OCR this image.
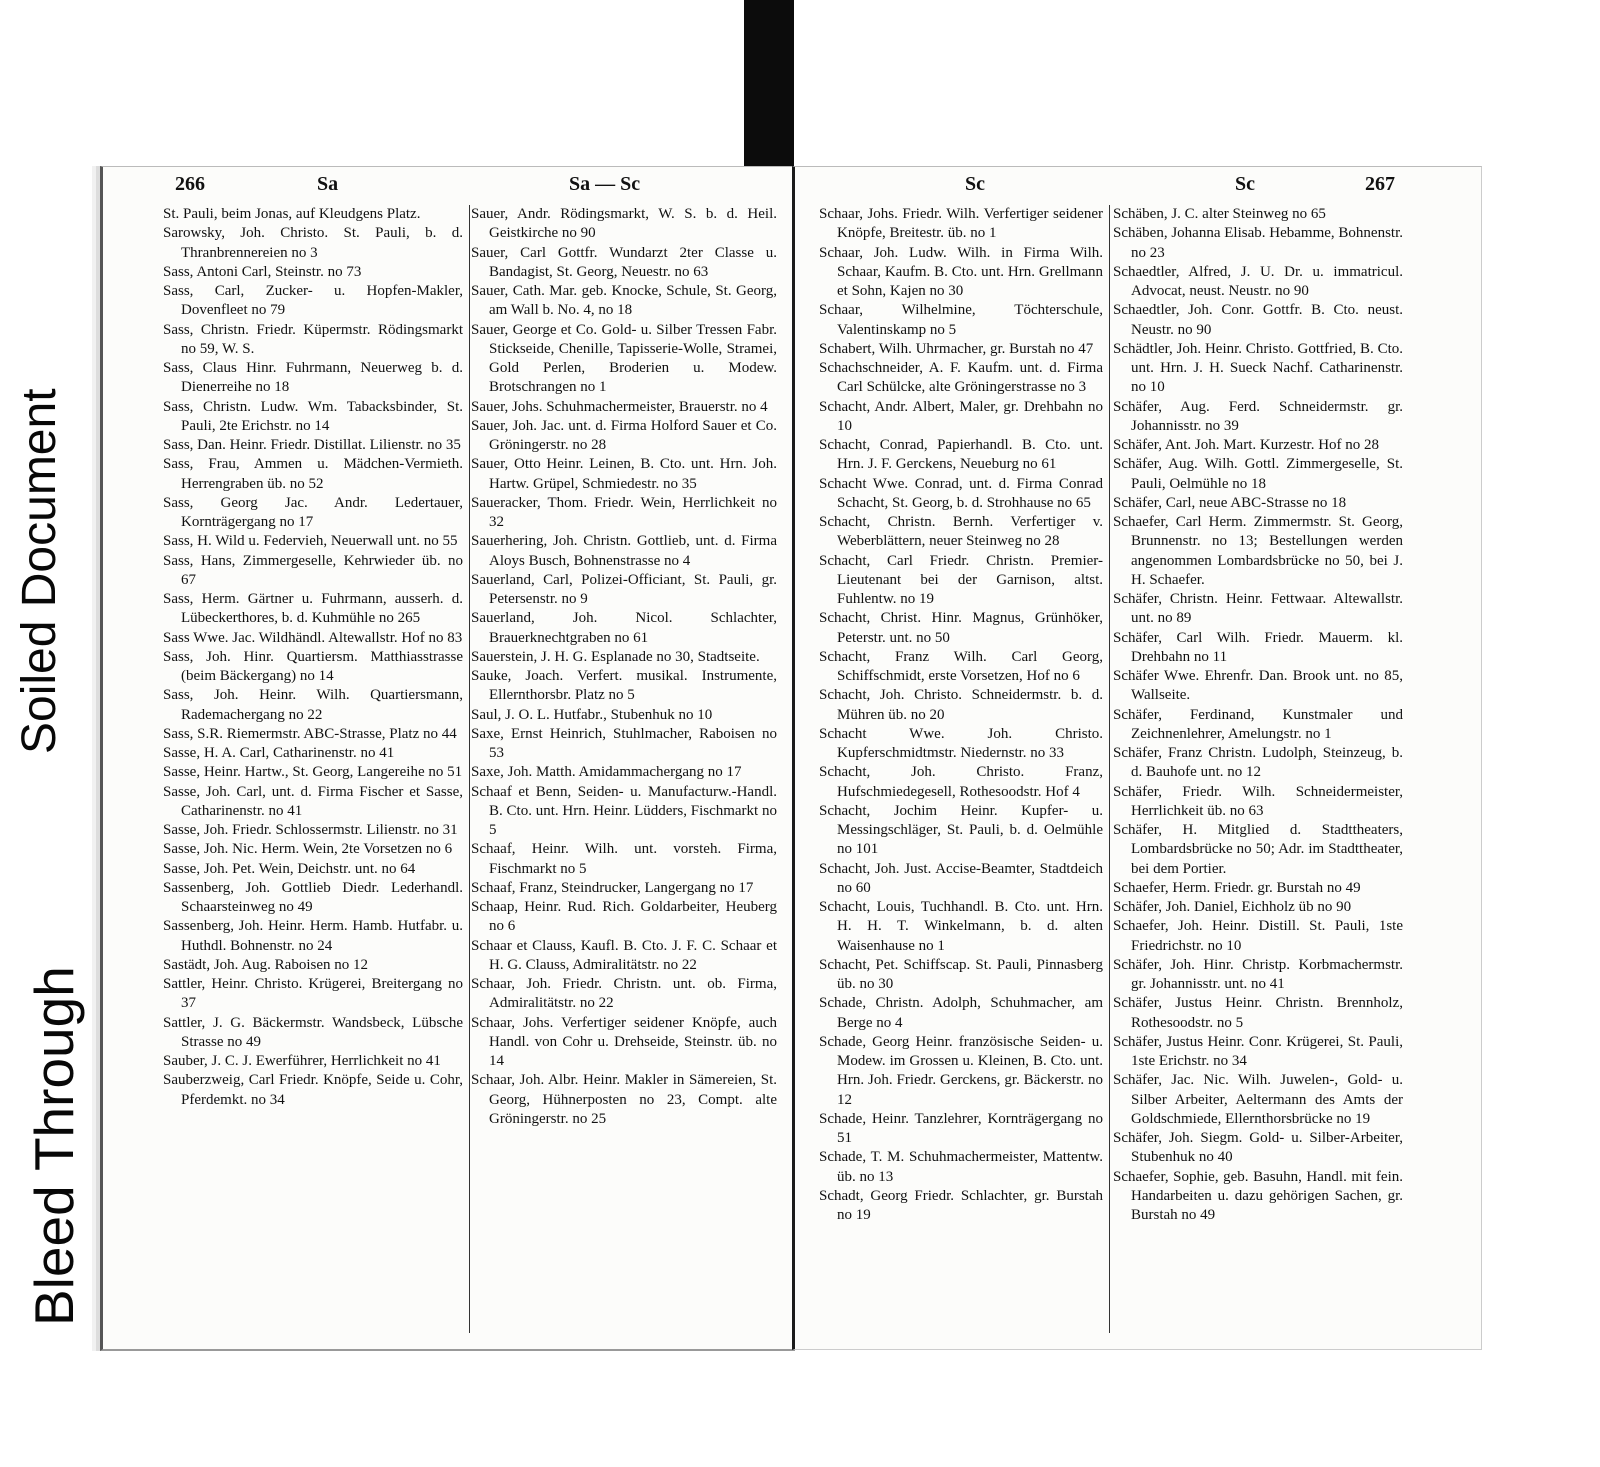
Soiled Document
Bleed Through
266	Sa	Sa — Sc

St. Pauli, beim Jonas, auf Kleudgens Platz.

Sarowsky, Joh. Christo. St. Pauli, b. d. Thranbrennereien no 3

Sass, Antoni Carl, Steinstr. no 73

Sass, Carl, Zucker- u. Hopfen-Makler, Dovenfleet no 79

Sass, Christn. Friedr. Küpermstr. Rödingsmarkt no 59, W. S.

Sass, Claus Hinr. Fuhrmann, Neuerweg b. d. Dienerreihe no 18

Sass, Christn. Ludw. Wm. Tabacksbinder, St. Pauli, 2te Erichstr. no 14

Sass, Dan. Heinr. Friedr. Distillat. Lilienstr. no 35

Sass, Frau, Ammen u. Mädchen-Vermieth. Herrengraben üb. no 52

Sass, Georg Jac. Andr. Ledertauer, Kornträgergang no 17

Sass, H. Wild u. Federvieh, Neuerwall unt. no 55

Sass, Hans, Zimmergeselle, Kehrwieder üb. no 67

Sass, Herm. Gärtner u. Fuhrmann, ausserh. d. Lübeckerthores, b. d. Kuhmühle no 265

Sass Wwe. Jac. Wildhändl. Altewallstr. Hof no 83

Sass, Joh. Hinr. Quartiersm. Matthiasstrasse (beim Bäckergang) no 14

Sass, Joh. Heinr. Wilh. Quartiersmann, Rademachergang no 22

Sass, S.R. Riemermstr. ABC-Strasse, Platz no 44

Sasse, H. A. Carl, Catharinenstr. no 41

Sasse, Heinr. Hartw., St. Georg, Langereihe no 51

Sasse, Joh. Carl, unt. d. Firma Fischer et Sasse, Catharinenstr. no 41

Sasse, Joh. Friedr. Schlossermstr. Lilienstr. no 31

Sasse, Joh. Nic. Herm. Wein, 2te Vorsetzen no 6

Sasse, Joh. Pet. Wein, Deichstr. unt. no 64

Sassenberg, Joh. Gottlieb Diedr. Lederhandl. Schaarsteinweg no 49

Sassenberg, Joh. Heinr. Herm. Hamb. Hutfabr. u. Huthdl. Bohnenstr. no 24

Sastädt, Joh. Aug. Raboisen no 12

Sattler, Heinr. Christo. Krügerei, Breitergang no 37

Sattler, J. G. Bäckermstr. Wandsbeck, Lübsche Strasse no 49

Sauber, J. C. J. Ewerführer, Herrlichkeit no 41

Sauberzweig, Carl Friedr. Knöpfe, Seide u. Cohr, Pferdemkt. no 34

Sauer, Andr. Rödingsmarkt, W. S. b. d. Heil. Geistkirche no 90

Sauer, Carl Gottfr. Wundarzt 2ter Classe u. Bandagist, St. Georg, Neuestr. no 63

Sauer, Cath. Mar. geb. Knocke, Schule, St. Georg, am Wall b. No. 4, no 18

Sauer, George et Co. Gold- u. Silber Tressen Fabr. Stickseide, Chenille, Tapisserie-Wolle, Stramei, Gold Perlen, Broderien u. Modew. Brotschrangen no 1

Sauer, Johs. Schuhmachermeister, Brauerstr. no 4

Sauer, Joh. Jac. unt. d. Firma Holford Sauer et Co. Gröningerstr. no 28

Sauer, Otto Heinr. Leinen, B. Cto. unt. Hrn. Joh. Hartw. Grüpel, Schmiedestr. no 35

Saueracker, Thom. Friedr. Wein, Herrlichkeit no 32

Sauerhering, Joh. Christn. Gottlieb, unt. d. Firma Aloys Busch, Bohnenstrasse no 4

Sauerland, Carl, Polizei-Officiant, St. Pauli, gr. Petersenstr. no 9

Sauerland, Joh. Nicol. Schlachter, Brauerknechtgraben no 61

Sauerstein, J. H. G. Esplanade no 30, Stadtseite.

Sauke, Joach. Verfert. musikal. Instrumente, Ellernthorsbr. Platz no 5

Saul, J. O. L. Hutfabr., Stubenhuk no 10

Saxe, Ernst Heinrich, Stuhlmacher, Raboisen no 53

Saxe, Joh. Matth. Amidammachergang no 17

Schaaf et Benn, Seiden- u. Manufacturw.-Handl. B. Cto. unt. Hrn. Heinr. Lüdders, Fischmarkt no 5

Schaaf, Heinr. Wilh. unt. vorsteh. Firma, Fischmarkt no 5

Schaaf, Franz, Steindrucker, Langergang no 17

Schaap, Heinr. Rud. Rich. Goldarbeiter, Heuberg no 6

Schaar et Clauss, Kaufl. B. Cto. J. F. C. Schaar et H. G. Clauss, Admiralitätstr. no 22

Schaar, Joh. Friedr. Christn. unt. ob. Firma, Admiralitätstr. no 22

Schaar, Johs. Verfertiger seidener Knöpfe, auch Handl. von Cohr u. Drehseide, Steinstr. üb. no 14

Schaar, Joh. Albr. Heinr. Makler in Sämereien, St. Georg, Hühnerposten no 23, Compt. alte Gröningerstr. no 25

Sc	Sc	267

Schaar, Johs. Friedr. Wilh. Verfertiger seidener Knöpfe, Breitestr. üb. no 1

Schaar, Joh. Ludw. Wilh. in Firma Wilh. Schaar, Kaufm. B. Cto. unt. Hrn. Grellmann et Sohn, Kajen no 30

Schaar, Wilhelmine, Töchterschule, Valentinskamp no 5

Schabert, Wilh. Uhrmacher, gr. Burstah no 47

Schachschneider, A. F. Kaufm. unt. d. Firma Carl Schülcke, alte Gröningerstrasse no 3

Schacht, Andr. Albert, Maler, gr. Drehbahn no 10

Schacht, Conrad, Papierhandl. B. Cto. unt. Hrn. J. F. Gerckens, Neueburg no 61

Schacht Wwe. Conrad, unt. d. Firma Conrad Schacht, St. Georg, b. d. Strohhause no 65

Schacht, Christn. Bernh. Verfertiger v. Weberblättern, neuer Steinweg no 28

Schacht, Carl Friedr. Christn. Premier-Lieutenant bei der Garnison, altst. Fuhlentw. no 19

Schacht, Christ. Hinr. Magnus, Grünhöker, Peterstr. unt. no 50

Schacht, Franz Wilh. Carl Georg, Schiffschmidt, erste Vorsetzen, Hof no 6

Schacht, Joh. Christo. Schneidermstr. b. d. Mühren üb. no 20

Schacht Wwe. Joh. Christo. Kupferschmidtmstr. Niedernstr. no 33

Schacht, Joh. Christo. Franz, Hufschmiedegesell, Rothesoodstr. Hof 4

Schacht, Jochim Heinr. Kupfer- u. Messingschläger, St. Pauli, b. d. Oelmühle no 101

Schacht, Joh. Just. Accise-Beamter, Stadtdeich no 60

Schacht, Louis, Tuchhandl. B. Cto. unt. Hrn. H. H. T. Winkelmann, b. d. alten Waisenhause no 1

Schacht, Pet. Schiffscap. St. Pauli, Pinnasberg üb. no 30

Schade, Christn. Adolph, Schuhmacher, am Berge no 4

Schade, Georg Heinr. französische Seiden- u. Modew. im Grossen u. Kleinen, B. Cto. unt. Hrn. Joh. Friedr. Gerckens, gr. Bäckerstr. no 12

Schade, Heinr. Tanzlehrer, Kornträgergang no 51

Schade, T. M. Schuhmachermeister, Mattentw. üb. no 13

Schadt, Georg Friedr. Schlachter, gr. Burstah no 19

Schäben, J. C. alter Steinweg no 65

Schäben, Johanna Elisab. Hebamme, Bohnenstr. no 23

Schaedtler, Alfred, J. U. Dr. u. immatricul. Advocat, neust. Neustr. no 90

Schaedtler, Joh. Conr. Gottfr. B. Cto. neust. Neustr. no 90

Schädtler, Joh. Heinr. Christo. Gottfried, B. Cto. unt. Hrn. J. H. Sueck Nachf. Catharinenstr. no 10

Schäfer, Aug. Ferd. Schneidermstr. gr. Johannisstr. no 39

Schäfer, Ant. Joh. Mart. Kurzestr. Hof no 28

Schäfer, Aug. Wilh. Gottl. Zimmergeselle, St. Pauli, Oelmühle no 18

Schäfer, Carl, neue ABC-Strasse no 18

Schaefer, Carl Herm. Zimmermstr. St. Georg, Brunnenstr. no 13; Bestellungen werden angenommen Lombardsbrücke no 50, bei J. H. Schaefer.

Schäfer, Christn. Heinr. Fettwaar. Altewallstr. unt. no 89

Schäfer, Carl Wilh. Friedr. Mauerm. kl. Drehbahn no 11

Schäfer Wwe. Ehrenfr. Dan. Brook unt. no 85, Wallseite.

Schäfer, Ferdinand, Kunstmaler und Zeichnenlehrer, Amelungstr. no 1

Schäfer, Franz Christn. Ludolph, Steinzeug, b. d. Bauhofe unt. no 12

Schäfer, Friedr. Wilh. Schneidermeister, Herrlichkeit üb. no 63

Schäfer, H. Mitglied d. Stadttheaters, Lombardsbrücke no 50; Adr. im Stadttheater, bei dem Portier.

Schaefer, Herm. Friedr. gr. Burstah no 49

Schäfer, Joh. Daniel, Eichholz üb no 90

Schaefer, Joh. Heinr. Distill. St. Pauli, 1ste Friedrichstr. no 10

Schäfer, Joh. Hinr. Christp. Korbmachermstr. gr. Johannisstr. unt. no 41

Schäfer, Justus Heinr. Christn. Brennholz, Rothesoodstr. no 5

Schäfer, Justus Heinr. Conr. Krügerei, St. Pauli, 1ste Erichstr. no 34

Schäfer, Jac. Nic. Wilh. Juwelen-, Gold- u. Silber Arbeiter, Aeltermann des Amts der Goldschmiede, Ellernthorsbrücke no 19

Schäfer, Joh. Siegm. Gold- u. Silber-Arbeiter, Stubenhuk no 40

Schaefer, Sophie, geb. Basuhn, Handl. mit fein. Handarbeiten u. dazu gehörigen Sachen, gr. Burstah no 49
